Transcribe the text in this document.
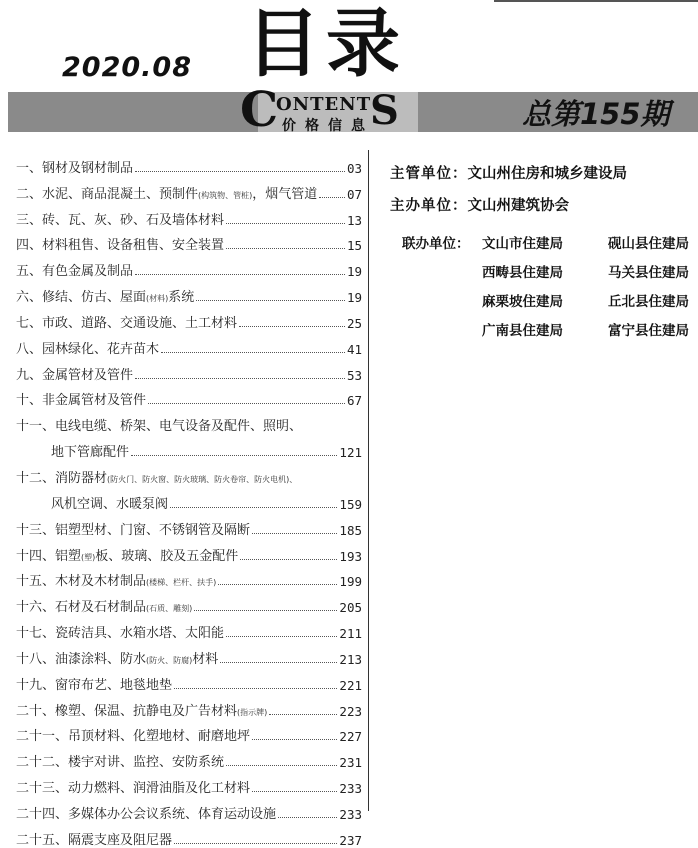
2020.08 目录
C
ONTENT
S
价格信息	总第155期
一、钢材及钢材制品	03
二、水泥、商品混凝土、预制件(构筑物、管桩)，烟气管道 07
三、砖、瓦、灰、砂、石及墙体材料	13
四、材料租售、设备租售、安全装置	15
五、有色金属及制品	19
六、修结、仿古、屋面(材料)系统	19
七、市政、道路、交通设施、土工材料	25
八、园林绿化、花卉苗木	41
九、金属管材及管件	53
十、非金属管材及管件	67
十一、电线电缆、桥架、电气设备及配件、照明、
地下管廊配件	121
十二、消防器材(防火门、防火窗、防火玻璃、防火卷帘、防火电机)、
风机空调、水暖泵阀	159
十三、铝塑型材、门窗、不锈钢管及隔断	185
十四、铝塑(塑)板、玻璃、胶及五金配件	193
十五、木材及木材制品(楼梯、栏杆、扶手)	199
十六、石材及石材制品(石质、雕刻)	205
十七、瓷砖洁具、水箱水塔、太阳能	211
十八、油漆涂料、防水(防火、防腐)材料	213
十九、窗帘布艺、地毯地垫	221
二十、橡塑、保温、抗静电及广告材料(指示牌)	223
二十一、吊顶材料、化塑地材、耐磨地坪	227
二十二、楼宇对讲、监控、安防系统	231
二十三、动力燃料、润滑油脂及化工材料	233
二十四、多媒体办公会议系统、体育运动设施	233
二十五、隔震支座及阻尼器	237
主管单位：文山州住房和城乡建设局
主办单位：文山州建筑协会
联办单位： 文山市住建局	砚山县住建局
西畴县住建局	马关县住建局
麻栗坡住建局	丘北县住建局
广南县住建局	富宁县住建局
